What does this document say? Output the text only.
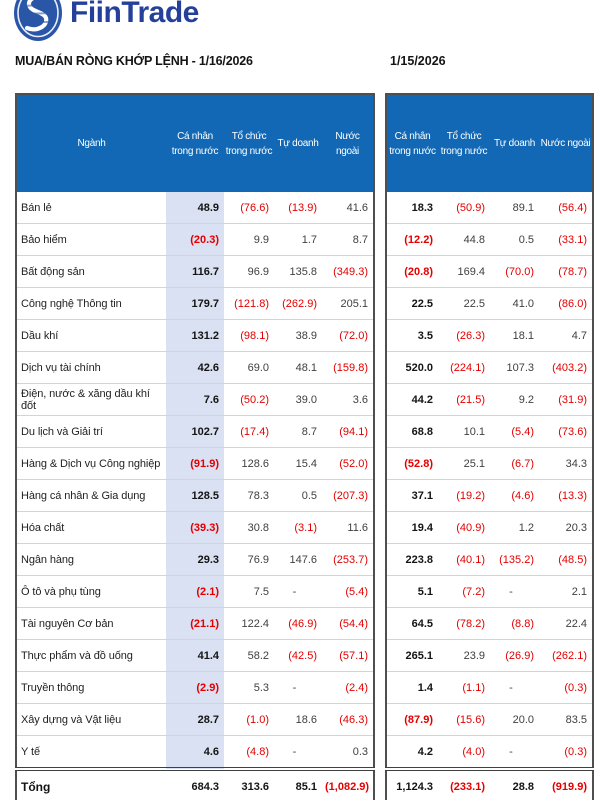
FiinTrade
MUA/BÁN RÒNG KHỚP LỆNH - 1/16/2026	1/15/2026
Ngành	Cá nhân trong nước	Tổ chức trong nước	Tự doanh	Nước ngoài
Bán lẻ	48.9	(76.6)	(13.9)	41.6
Bảo hiểm	(20.3)	9.9	1.7	8.7
Bất động sản	116.7	96.9	135.8	(349.3)
Công nghệ Thông tin	179.7	(121.8)	(262.9)	205.1
Dầu khí	131.2	(98.1)	38.9	(72.0)
Dịch vụ tài chính	42.6	69.0	48.1	(159.8)
Điện, nước & xăng dầu khí đốt	7.6	(50.2)	39.0	3.6
Du lịch và Giải trí	102.7	(17.4)	8.7	(94.1)
Hàng & Dịch vụ Công nghiệp	(91.9)	128.6	15.4	(52.0)
Hàng cá nhân & Gia dụng	128.5	78.3	0.5	(207.3)
Hóa chất	(39.3)	30.8	(3.1)	11.6
Ngân hàng	29.3	76.9	147.6	(253.7)
Ô tô và phụ tùng	(2.1)	7.5	-	(5.4)
Tài nguyên Cơ bản	(21.1)	122.4	(46.9)	(54.4)
Thực phẩm và đồ uống	41.4	58.2	(42.5)	(57.1)
Truyền thông	(2.9)	5.3	-	(2.4)
Xây dựng và Vật liệu	28.7	(1.0)	18.6	(46.3)
Y tế	4.6	(4.8)	-	0.3
Tổng	684.3	313.6	85.1	(1,082.9)
Cá nhân trong nước	Tổ chức trong nước	Tự doanh	Nước ngoài
18.3	(50.9)	89.1	(56.4)
(12.2)	44.8	0.5	(33.1)
(20.8)	169.4	(70.0)	(78.7)
22.5	22.5	41.0	(86.0)
3.5	(26.3)	18.1	4.7
520.0	(224.1)	107.3	(403.2)
44.2	(21.5)	9.2	(31.9)
68.8	10.1	(5.4)	(73.6)
(52.8)	25.1	(6.7)	34.3
37.1	(19.2)	(4.6)	(13.3)
19.4	(40.9)	1.2	20.3
223.8	(40.1)	(135.2)	(48.5)
5.1	(7.2)	-	2.1
64.5	(78.2)	(8.8)	22.4
265.1	23.9	(26.9)	(262.1)
1.4	(1.1)	-	(0.3)
(87.9)	(15.6)	20.0	83.5
4.2	(4.0)	-	(0.3)
1,124.3	(233.1)	28.8	(919.9)
